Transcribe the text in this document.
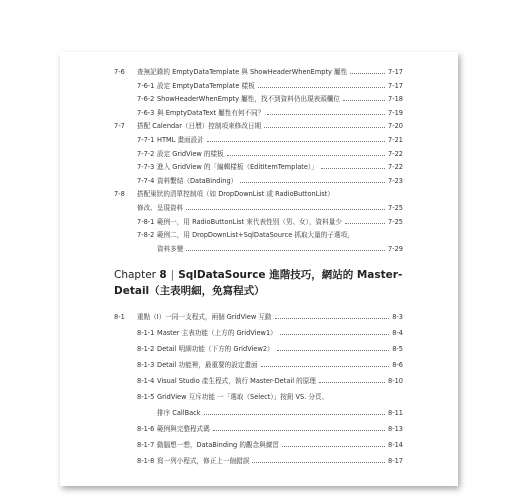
7-6 查無記錄的 EmptyDataTemplate 與 ShowHeaderWhenEmpty 屬性	7-17
7-6-1 設定 EmptyDataTemplate 樣板	7-17
7-6-2 ShowHeaderWhenEmpty 屬性，找不到資料仍出現表頭欄位	7-18
7-6-3 與 EmptyDataText 屬性有何不同？	7-19
7-7 搭配 Calendar（日曆）控制項來修改日期	7-20
7-7-1 HTML 畫面設計	7-21
7-7-2 設定 GridView 的樣板	7-22
7-7-3 進入 GridView 的「編輯樣板（EditItemTemplate）」	7-22
7-7-4 資料繫結（DataBinding）	7-23
7-8 搭配巢狀的清單控制項（如 DropDownList 或 RadioButtonList）
修改、呈現資料	7-25
7-8-1 範例一，用 RadioButtonList 來代表性別（男、女），資料量少	7-25
7-8-2 範例二，用 DropDownList+SqlDataSource 抓取大量的子選項，
資料多變	7-29
Chapter 8 | SqlDataSource 進階技巧，網站的 Master-
Detail（主表明細，免寫程式）
8-1 重點（I）一同一支程式，兩個 GridView 互動	8-3
8-1-1 Master 主表功能（上方的 GridView1）	8-4
8-1-2 Detail 明細功能（下方的 GridView2）	8-5
8-1-3 Detail 功能裡，最重要的設定畫面	8-6
8-1-4 Visual Studio 產生程式，執行 Master-Detail 的原理	8-10
8-1-5 GridView 互斥功能 一「選取（Select）」按鈕 VS. 分頁、
排序 CallBack	8-11
8-1-6 範例與完整程式碼	8-13
8-1-7 動腦想一想，DataBinding 的觀念與練習	8-14
8-1-8 寫一列小程式，修正上一個錯誤	8-17
